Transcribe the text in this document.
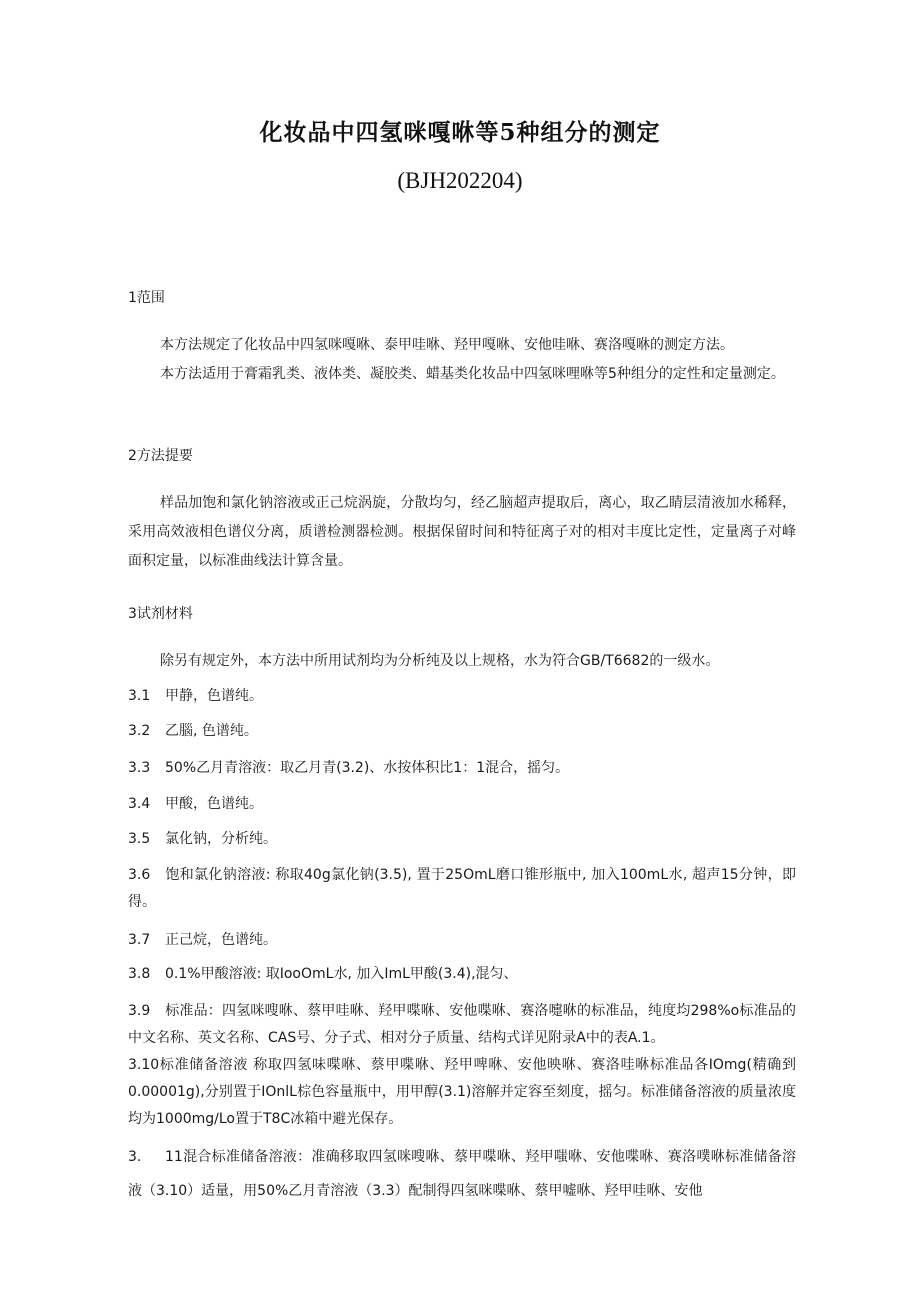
化妆品中四氢咪嘎咻等5种组分的测定
(BJH202204)
1范围
本方法规定了化妆品中四氢咪嘎咻、泰甲哇咻、羟甲嘎咻、安他哇咻、赛洛嘎咻的测定方法。
本方法适用于膏霜乳类、液体类、凝胶类、蜡基类化妆品中四氢咪哩咻等5种组分的定性和定量测定。
2方法提要
样品加饱和氯化钠溶液或正己烷涡旋，分散均匀，经乙脑超声提取后，离心，取乙睛层清液加水稀释，采用高效液相色谱仪分离，质谱检测器检测。根据保留时间和特征离子对的相对丰度比定性，定量离子对峰面积定量，以标准曲线法计算含量。
3试剂材料
除另有规定外，本方法中所用试剂均为分析纯及以上规格，水为符合GB/T6682的一级水。
3.1 甲静，色谱纯。
3.2 乙腦, 色谱纯。
3.3 50%乙月青溶液：取乙月青(3.2)、水按体积比1：1混合，摇匀。
3.4 甲酸，色谱纯。
3.5 氯化钠，分析纯。
3.6 饱和氯化钠溶液: 称取40g氯化钠(3.5), 置于25OmL磨口锥形瓶中, 加入100mL水, 超声15分钟，即得。
3.7 正己烷，色谱纯。
3.8 0.1%甲酸溶液: 取IooOmL水, 加入ImL甲酸(3.4),混匀、
3.9 标准品：四氢咪嗖咻、蔡甲哇咻、羟甲喋咻、安他喋咻、赛洛嚏咻的标准品，纯度均298%o标准品的中文名称、英文名称、CAS号、分子式、相对分子质量、结构式详见附录A中的表A.1。
3.10标准储备溶液 称取四氢味喋咻、蔡甲喋咻、羟甲啤咻、安他映咻、赛洛哇咻标准品各IOmg(精确到0.00001g),分别置于IOnlL棕色容量瓶中，用甲醇(3.1)溶解并定容至刻度，摇匀。标准储备溶液的质量浓度均为1000mg∕Lo置于T8C冰箱中避光保存。
3. 11混合标准储备溶液：准确移取四氢咪嗖咻、蔡甲喋咻、羟甲嗤咻、安他喋咻、赛洛噗咻标准储备溶液（3.10）适量，用50%乙月青溶液（3.3）配制得四氢咪喋咻、蔡甲嘘咻、羟甲哇咻、安他
